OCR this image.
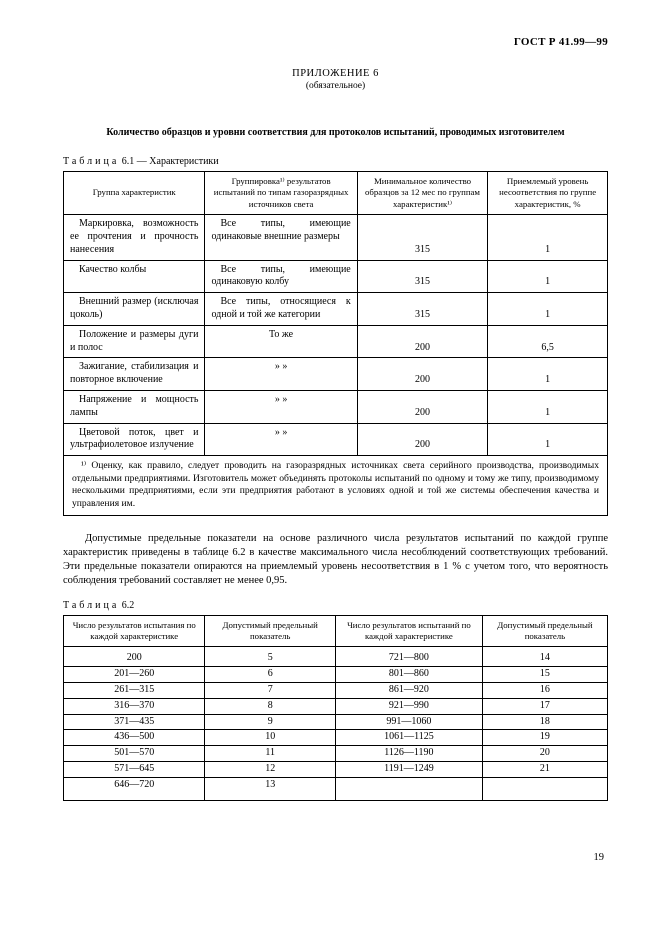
ГОСТ Р 41.99—99
ПРИЛОЖЕНИЕ 6
(обязательное)
Количество образцов и уровни соответствия для протоколов испытаний, проводимых изготовителем
Таблица 6.1 — Характеристики
Группа характеристик	Группировка¹⁾ результатов испытаний по типам газоразрядных источников света	Минимальное количество образцов за 12 мес по группам характеристик¹⁾	Приемлемый уровень несоответствия по группе характеристик, %
Маркировка, возможность ее прочтения и прочность нанесения	Все типы, имеющие одинаковые внешние размеры	315	1
Качество колбы	Все типы, имеющие одинаковую колбу	315	1
Внешний размер (исключая цоколь)	Все типы, относящиеся к одной и той же категории	315	1
Положение и размеры дуги и полос	То же	200	6,5
Зажигание, стабилизация и повторное включение	» »	200	1
Напряжение и мощность лампы	» »	200	1
Цветовой поток, цвет и ультрафиолетовое излучение	» »	200	1
¹⁾ Оценку, как правило, следует проводить на газоразрядных источниках света серийного производства, производимых отдельными предприятиями. Изготовитель может объединять протоколы испытаний по одному и тому же типу, производимому несколькими предприятиями, если эти предприятия работают в условиях одной и той же системы обеспечения качества и управления им.			
Допустимые предельные показатели на основе различного числа результатов испытаний по каждой группе характеристик приведены в таблице 6.2 в качестве максимального числа несоблюдений соответствующих требований. Эти предельные показатели опираются на приемлемый уровень несоответствия в 1 % с учетом того, что вероятность соблюдения требований составляет не менее 0,95.
Таблица 6.2
Число результатов испытания по каждой характеристике	Допустимый предельный показатель	Число результатов испытаний по каждой характеристике	Допустимый предельный показатель
200	5	721—800	14
201—260	6	801—860	15
261—315	7	861—920	16
316—370	8	921—990	17
371—435	9	991—1060	18
436—500	10	1061—1125	19
501—570	11	1126—1190	20
571—645	12	1191—1249	21
646—720	13		
19
